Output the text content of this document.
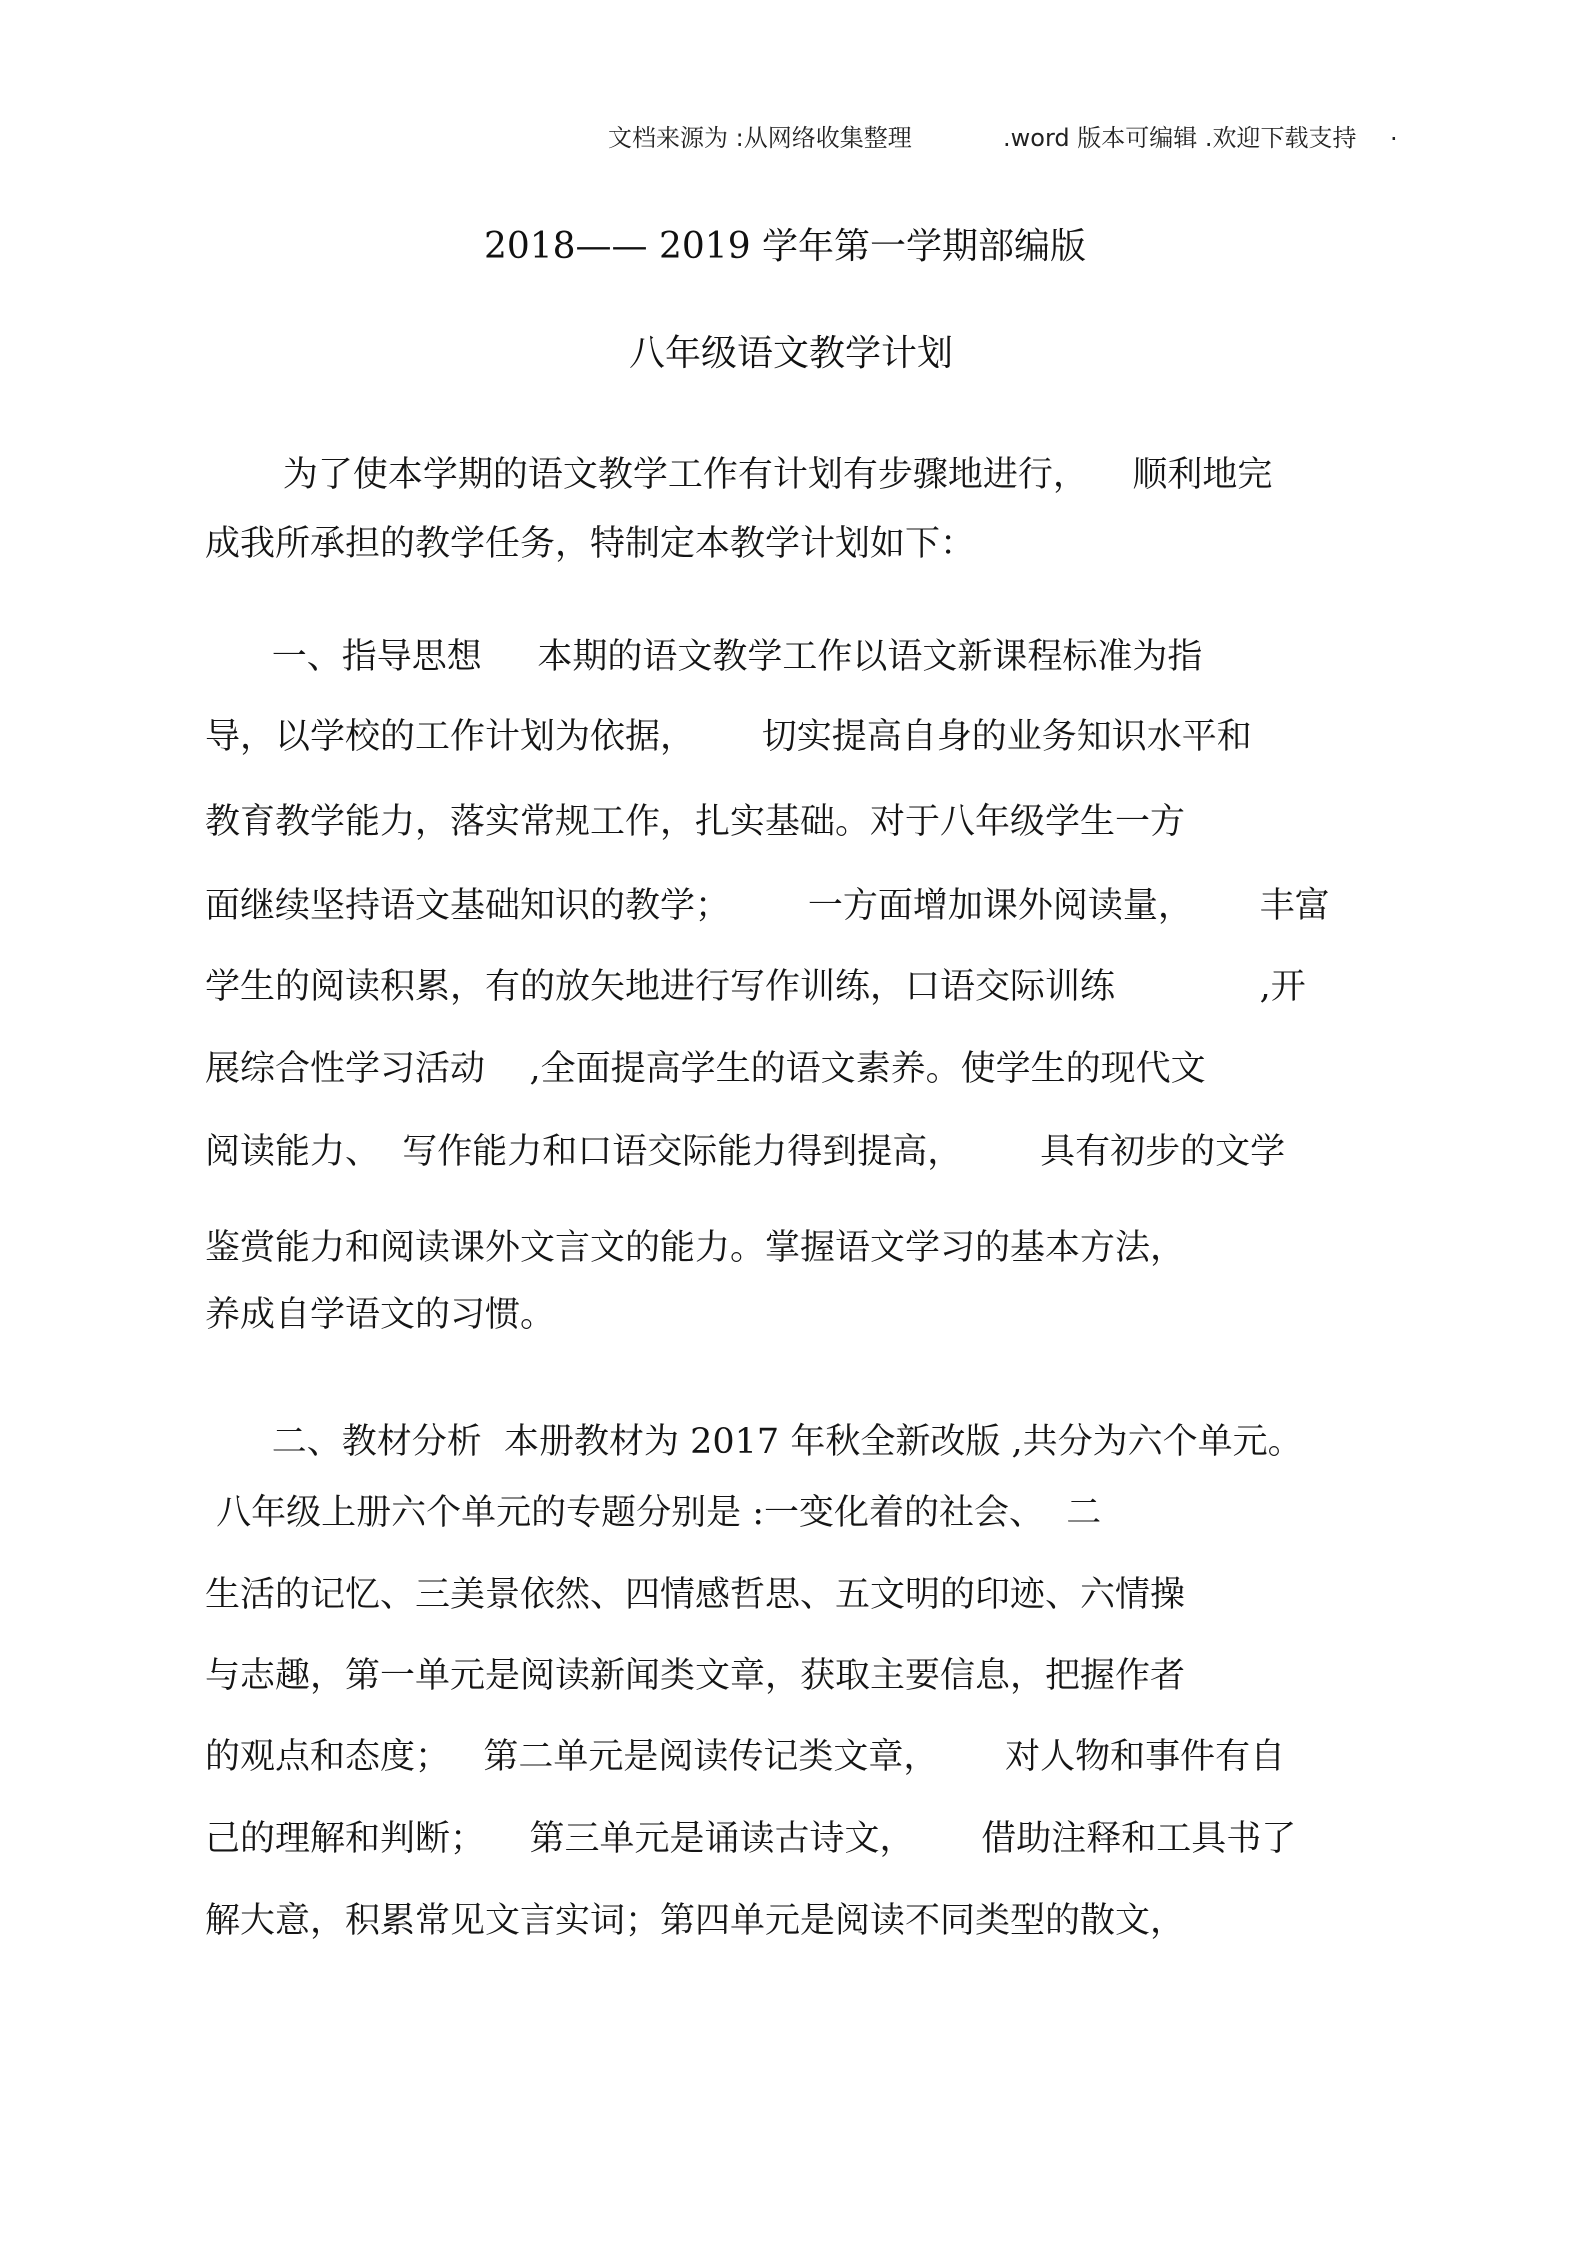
文档来源为 :从网络收集整理	.word 版本可编辑 .欢迎下载支持 .
2018—— 2019 学年第一学期部编版
八年级语文教学计划
为了使本学期的语文教学工作有计划有步骤地进行，    顺利地完
成我所承担的教学任务，特制定本教学计划如下：
一、指导思想     本期的语文教学工作以语文新课程标准为指
导，以学校的工作计划为依据，      切实提高自身的业务知识水平和
教育教学能力，落实常规工作，扎实基础。对于八年级学生一方
面继续坚持语文基础知识的教学；       一方面增加课外阅读量，      丰富
学生的阅读积累，有的放矢地进行写作训练，口语交际训练             ,开
展综合性学习活动    ,全面提高学生的语文素养。使学生的现代文
阅读能力、  写作能力和口语交际能力得到提高，       具有初步的文学
鉴赏能力和阅读课外文言文的能力。掌握语文学习的基本方法，
养成自学语文的习惯。
二、教材分析  本册教材为 2017 年秋全新改版 ,共分为六个单元。
八年级上册六个单元的专题分别是 :一变化着的社会、  二
生活的记忆、三美景依然、四情感哲思、五文明的印迹、六情操
与志趣，第一单元是阅读新闻类文章，获取主要信息，把握作者
的观点和态度；   第二单元是阅读传记类文章，      对人物和事件有自
己的理解和判断；    第三单元是诵读古诗文，      借助注释和工具书了
解大意，积累常见文言实词；第四单元是阅读不同类型的散文，
